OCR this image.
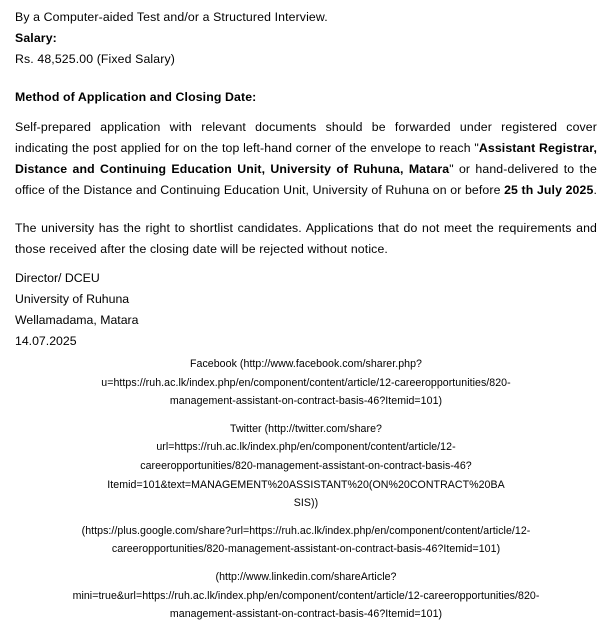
By a Computer-aided Test and/or a Structured Interview.
Salary:
Rs. 48,525.00 (Fixed Salary)
Method of Application and Closing Date:
Self-prepared application with relevant documents should be forwarded under registered cover indicating the post applied for on the top left-hand corner of the envelope to reach "Assistant Registrar, Distance and Continuing Education Unit, University of Ruhuna, Matara" or hand-delivered to the office of the Distance and Continuing Education Unit, University of Ruhuna on or before 25 th July 2025.
The university has the right to shortlist candidates. Applications that do not meet the requirements and those received after the closing date will be rejected without notice.
Director/ DCEU
University of Ruhuna
Wellamadama, Matara
14.07.2025
Facebook (http://www.facebook.com/sharer.php?u=https://ruh.ac.lk/index.php/en/component/content/article/12-careeropportunities/820-management-assistant-on-contract-basis-46?Itemid=101)
Twitter (http://twitter.com/share?url=https://ruh.ac.lk/index.php/en/component/content/article/12-careeropportunities/820-management-assistant-on-contract-basis-46?Itemid=101&text=MANAGEMENT%20ASSISTANT%20(ON%20CONTRACT%20BASIS))
(https://plus.google.com/share?url=https://ruh.ac.lk/index.php/en/component/content/article/12-careeropportunities/820-management-assistant-on-contract-basis-46?Itemid=101)
(http://www.linkedin.com/shareArticle?mini=true&url=https://ruh.ac.lk/index.php/en/component/content/article/12-careeropportunities/820-management-assistant-on-contract-basis-46?Itemid=101)
